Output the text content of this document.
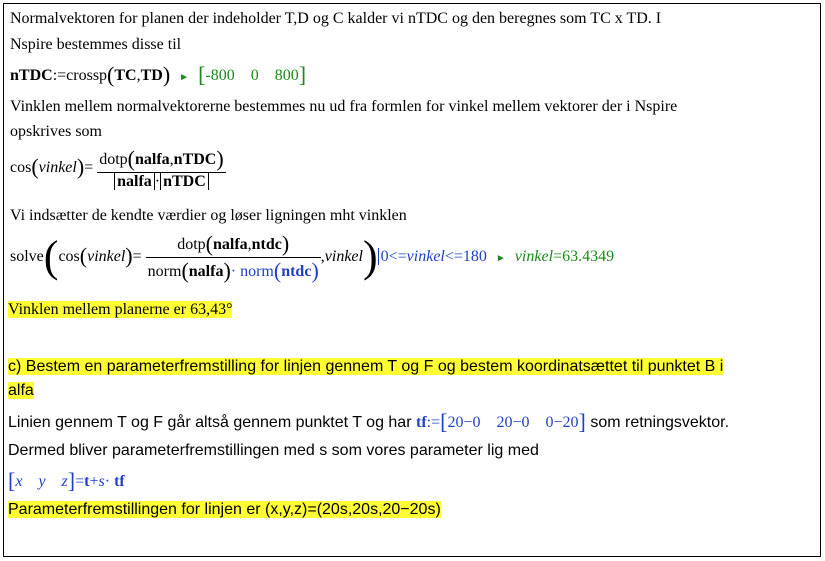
Normalvektoren for planen der indeholder T,D og C kalder vi nTDC og den beregnes som TC x TD. I
Nspire bestemmes disse til
nTDC:=crossp(TC,TD) ► [-800 0 800]
Vinklen mellem normalvektorerne bestemmes nu ud fra formlen for vinkel mellem vektorer der i Nspire
opskrives som
cos(vinkel)= $\frac{\text{dotp(nalfa,nTDC)}}{\text{nalfa · nTDC}}$
Vi indsætter de kendte værdier og løser ligningen mht vinklen
solve(cos(vinkel)= $\frac{\text{dotp(nalfa,ntdc)}}{\text{norm(nalfa)· norm(ntdc)}}$ ,vinkel) 0<=vinkel<=180 ► vinkel=63.4349
Vinklen mellem planerne er 63,43°
c) Bestem en parameterfremstilling for linjen gennem T og F og bestem koordinatsættet til punktet B i
alfa
Linien gennem T og F går altså gennem punktet T og har tf:=[20−0 20−0 0−20] som retningsvektor.
Dermed bliver parameterfremstillingen med s som vores parameter lig med
[x y z]=t+s· tf
Parameterfremstillingen for linjen er (x,y,z)=(20s,20s,20−20s)
